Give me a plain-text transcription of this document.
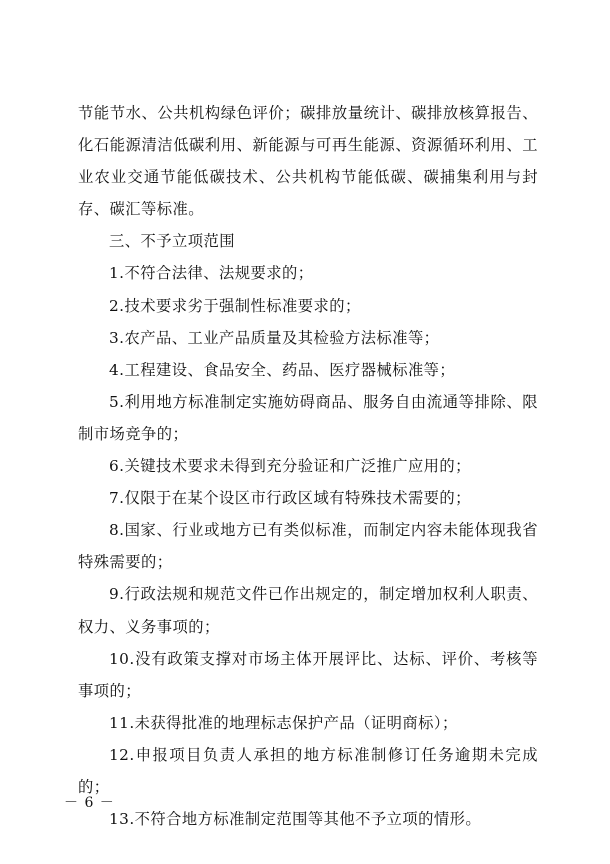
节能节水、公共机构绿色评价；碳排放量统计、碳排放核算报告、化石能源清洁低碳利用、新能源与可再生能源、资源循环利用、工业农业交通节能低碳技术、公共机构节能低碳、碳捕集利用与封存、碳汇等标准。

三、不予立项范围

1.不符合法律、法规要求的；

2.技术要求劣于强制性标准要求的；

3.农产品、工业产品质量及其检验方法标准等；

4.工程建设、食品安全、药品、医疗器械标准等；

5.利用地方标准制定实施妨碍商品、服务自由流通等排除、限制市场竞争的；

6.关键技术要求未得到充分验证和广泛推广应用的；

7.仅限于在某个设区市行政区域有特殊技术需要的；

8.国家、行业或地方已有类似标准，而制定内容未能体现我省特殊需要的；

9.行政法规和规范文件已作出规定的，制定增加权利人职责、权力、义务事项的；

10.没有政策支撑对市场主体开展评比、达标、评价、考核等事项的；

11.未获得批准的地理标志保护产品（证明商标）；

12.申报项目负责人承担的地方标准制修订任务逾期未完成的；

13.不符合地方标准制定范围等其他不予立项的情形。

－ 6 －
